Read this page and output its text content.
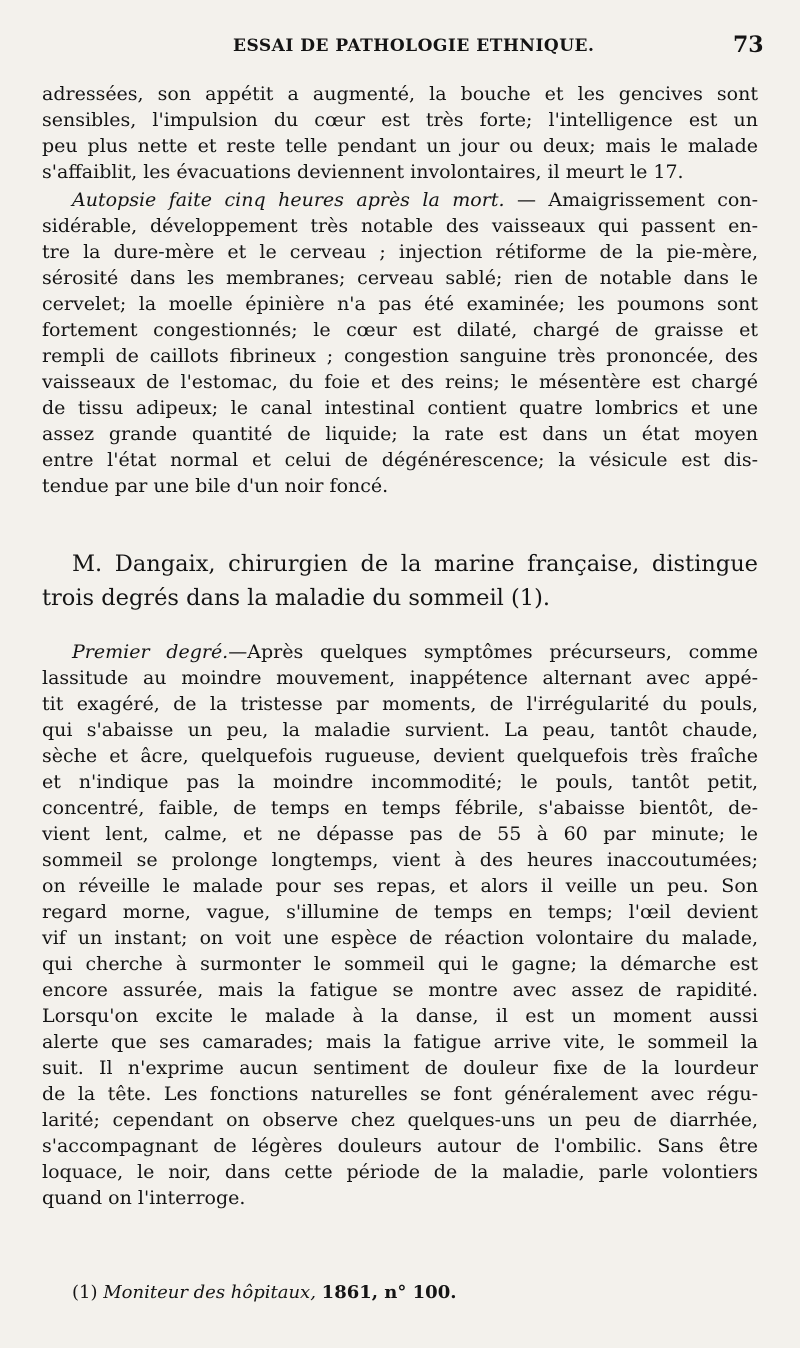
ESSAI DE PATHOLOGIE ETHNIQUE.	73
adressées, son appétit a augmenté, la bouche et les gencives sont
sensibles, l'impulsion du cœur est très forte; l'intelligence est un
peu plus nette et reste telle pendant un jour ou deux; mais le malade
s'affaiblit, les évacuations deviennent involontaires, il meurt le 17.
Autopsie faite cinq heures après la mort. — Amaigrissement con-
sidérable, développement très notable des vaisseaux qui passent en-
tre la dure-mère et le cerveau ; injection rétiforme de la pie-mère,
sérosité dans les membranes; cerveau sablé; rien de notable dans le
cervelet; la moelle épinière n'a pas été examinée; les poumons sont
fortement congestionnés; le cœur est dilaté, chargé de graisse et
rempli de caillots fibrineux ; congestion sanguine très prononcée, des
vaisseaux de l'estomac, du foie et des reins; le mésentère est chargé
de tissu adipeux; le canal intestinal contient quatre lombrics et une
assez grande quantité de liquide; la rate est dans un état moyen
entre l'état normal et celui de dégénérescence; la vésicule est dis-
tendue par une bile d'un noir foncé.
M. Dangaix, chirurgien de la marine française, distingue
trois degrés dans la maladie du sommeil (1).
Premier degré.—Après quelques symptômes précurseurs, comme
lassitude au moindre mouvement, inappétence alternant avec appé-
tit exagéré, de la tristesse par moments, de l'irrégularité du pouls,
qui s'abaisse un peu, la maladie survient. La peau, tantôt chaude,
sèche et âcre, quelquefois rugueuse, devient quelquefois très fraîche
et n'indique pas la moindre incommodité; le pouls, tantôt petit,
concentré, faible, de temps en temps fébrile, s'abaisse bientôt, de-
vient lent, calme, et ne dépasse pas de 55 à 60 par minute; le
sommeil se prolonge longtemps, vient à des heures inaccoutumées;
on réveille le malade pour ses repas, et alors il veille un peu. Son
regard morne, vague, s'illumine de temps en temps; l'œil devient
vif un instant; on voit une espèce de réaction volontaire du malade,
qui cherche à surmonter le sommeil qui le gagne; la démarche est
encore assurée, mais la fatigue se montre avec assez de rapidité.
Lorsqu'on excite le malade à la danse, il est un moment aussi
alerte que ses camarades; mais la fatigue arrive vite, le sommeil la
suit. Il n'exprime aucun sentiment de douleur fixe de la lourdeur
de la tête. Les fonctions naturelles se font généralement avec régu-
larité; cependant on observe chez quelques-uns un peu de diarrhée,
s'accompagnant de légères douleurs autour de l'ombilic. Sans être
loquace, le noir, dans cette période de la maladie, parle volontiers
quand on l'interroge.
(1) Moniteur des hôpitaux, 1861, n° 100.
